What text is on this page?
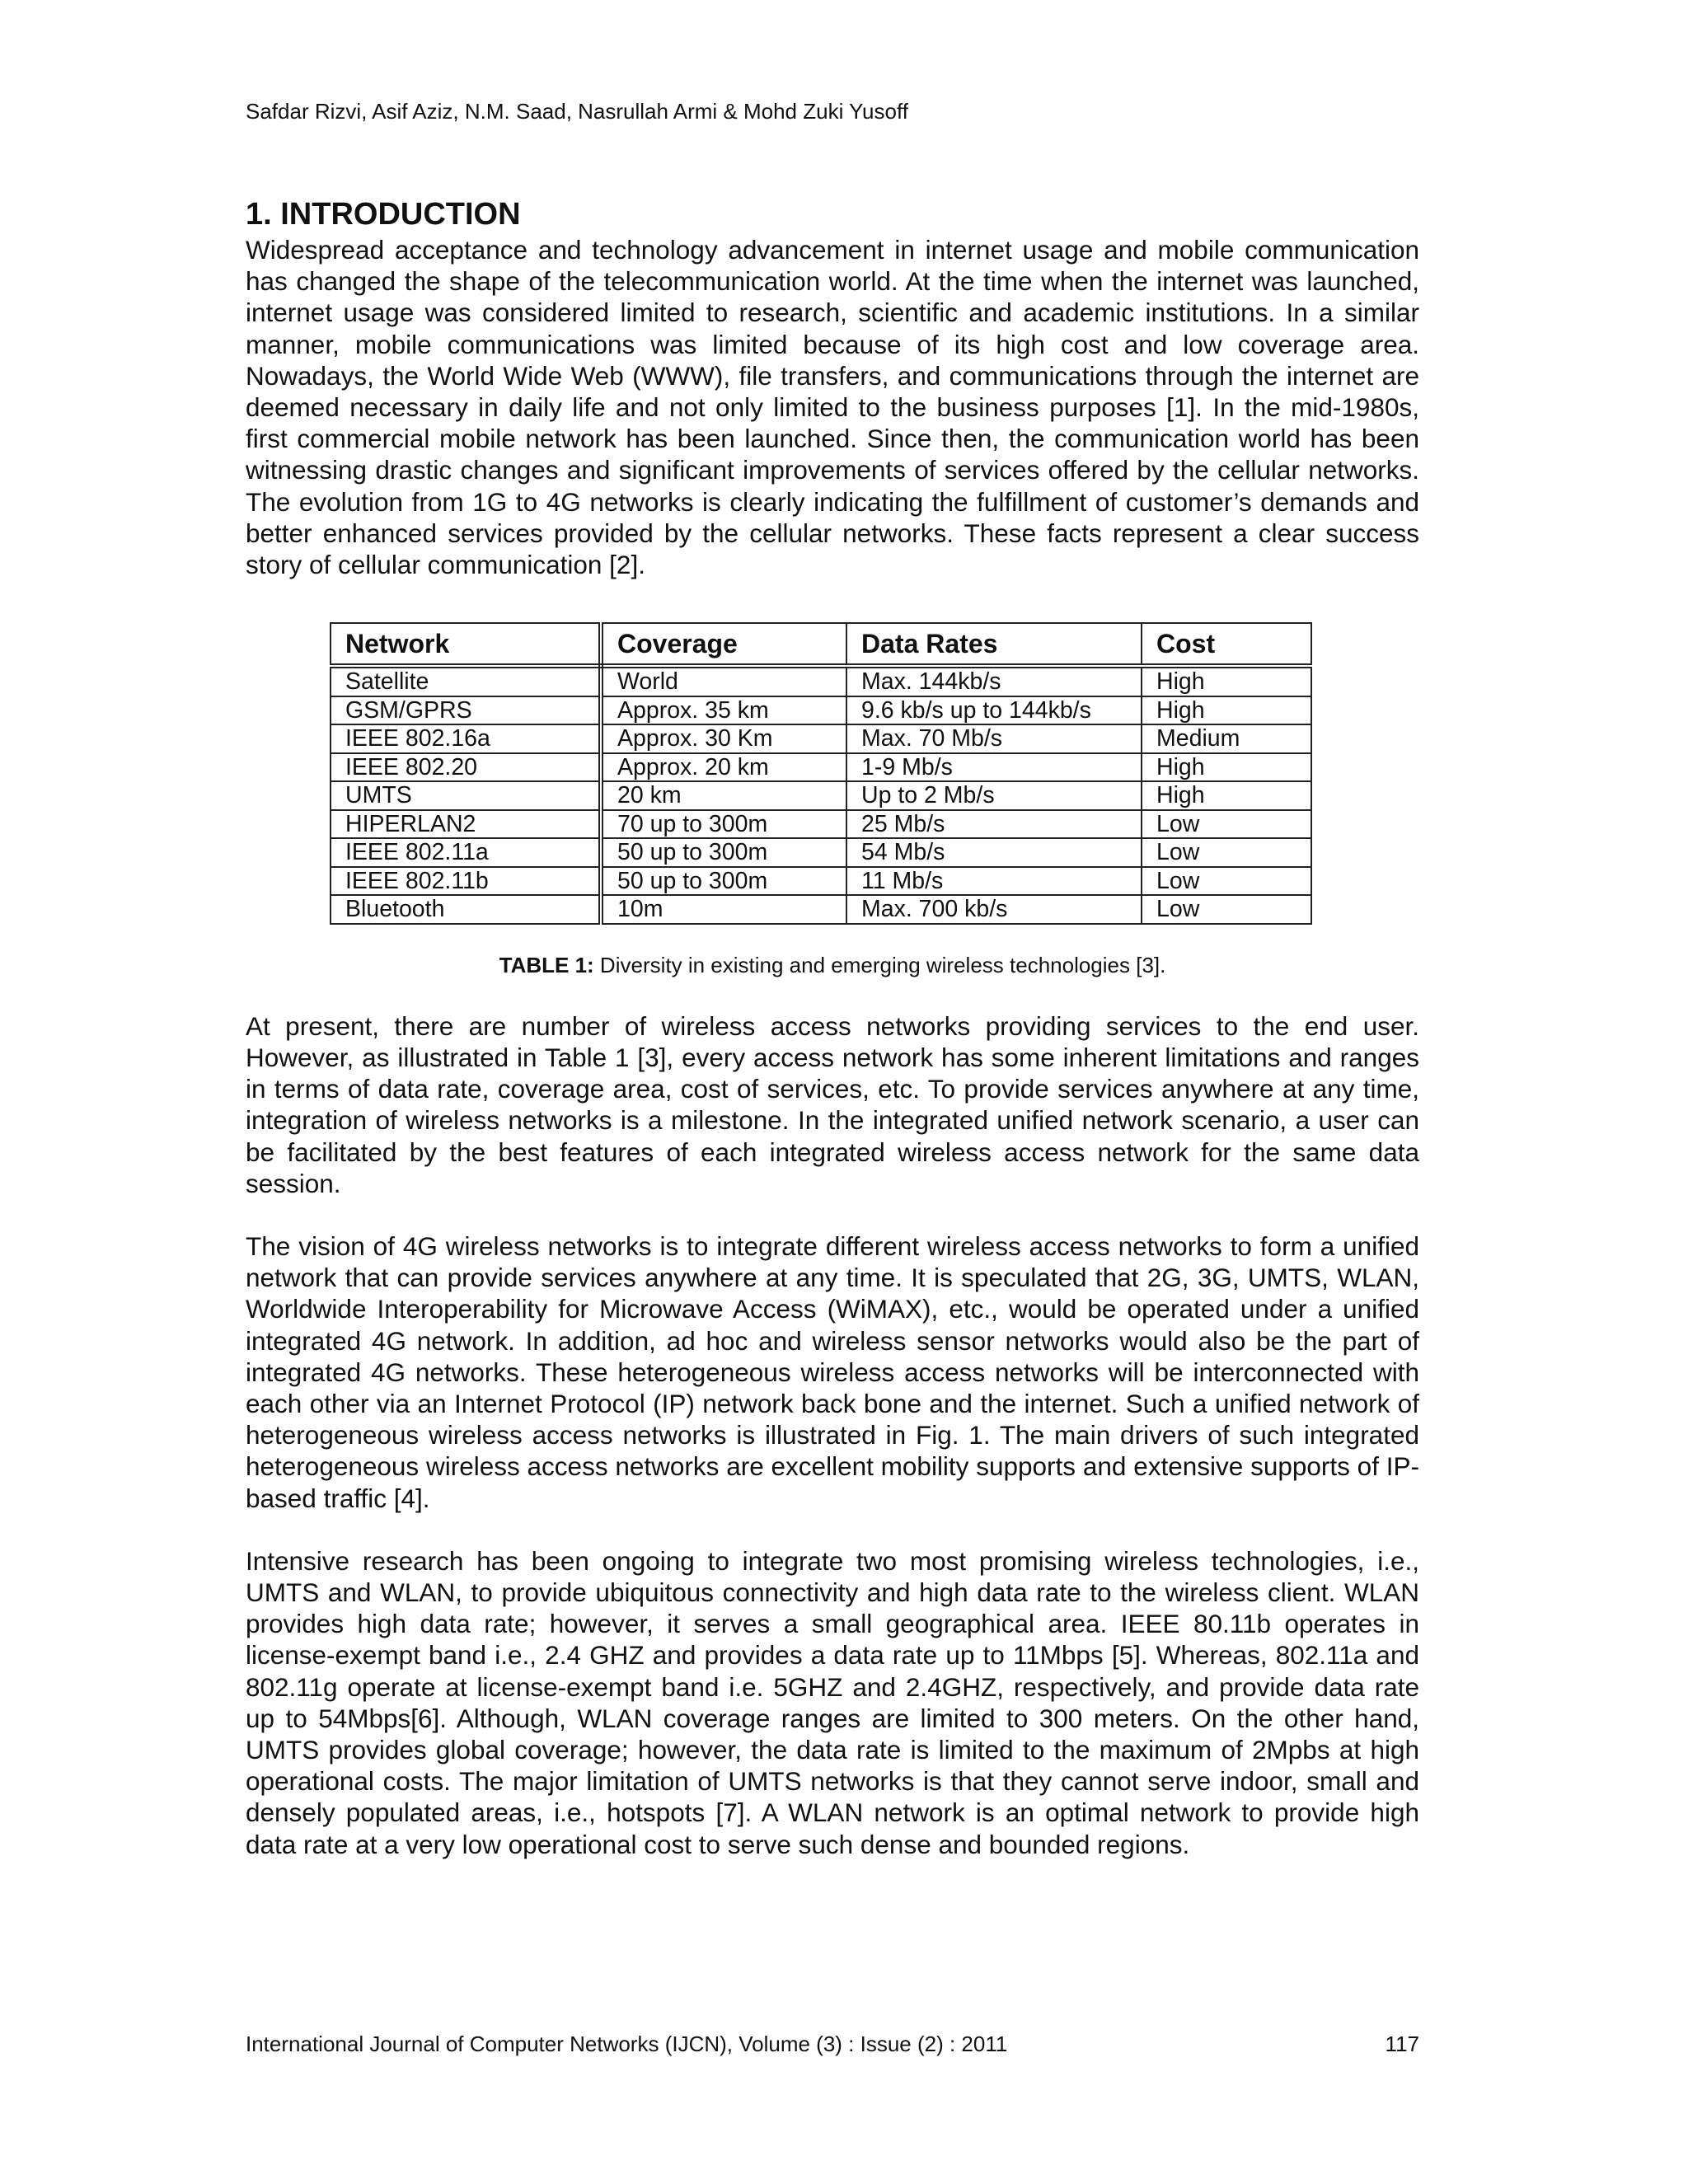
Safdar Rizvi, Asif Aziz, N.M. Saad, Nasrullah Armi & Mohd Zuki Yusoff

1. INTRODUCTION

Widespread acceptance and technology advancement in internet usage and mobile communication has changed the shape of the telecommunication world. At the time when the internet was launched, internet usage was considered limited to research, scientific and academic institutions. In a similar manner, mobile communications was limited because of its high cost and low coverage area. Nowadays, the World Wide Web (WWW), file transfers, and communications through the internet are deemed necessary in daily life and not only limited to the business purposes [1]. In the mid-1980s, first commercial mobile network has been launched. Since then, the communication world has been witnessing drastic changes and significant improvements of services offered by the cellular networks. The evolution from 1G to 4G networks is clearly indicating the fulfillment of customer’s demands and better enhanced services provided by the cellular networks. These facts represent a clear success story of cellular communication [2].

Network	Coverage	Data Rates	Cost
Satellite	World	Max. 144kb/s	High
GSM/GPRS	Approx. 35 km	9.6 kb/s up to 144kb/s	High
IEEE 802.16a	Approx. 30 Km	Max. 70 Mb/s	Medium
IEEE 802.20	Approx. 20 km	1-9 Mb/s	High
UMTS	20 km	Up to 2 Mb/s	High
HIPERLAN2	70 up to 300m	25 Mb/s	Low
IEEE 802.11a	50 up to 300m	54 Mb/s	Low
IEEE 802.11b	50 up to 300m	11 Mb/s	Low
Bluetooth	10m	Max. 700 kb/s	Low

TABLE 1: Diversity in existing and emerging wireless technologies [3].

At present, there are number of wireless access networks providing services to the end user. However, as illustrated in Table 1 [3], every access network has some inherent limitations and ranges in terms of data rate, coverage area, cost of services, etc. To provide services anywhere at any time, integration of wireless networks is a milestone. In the integrated unified network scenario, a user can be facilitated by the best features of each integrated wireless access network for the same data session.

The vision of 4G wireless networks is to integrate different wireless access networks to form a unified network that can provide services anywhere at any time. It is speculated that 2G, 3G, UMTS, WLAN, Worldwide Interoperability for Microwave Access (WiMAX), etc., would be operated under a unified integrated 4G network. In addition, ad hoc and wireless sensor networks would also be the part of integrated 4G networks. These heterogeneous wireless access networks will be interconnected with each other via an Internet Protocol (IP) network back bone and the internet. Such a unified network of heterogeneous wireless access networks is illustrated in Fig. 1. The main drivers of such integrated heterogeneous wireless access networks are excellent mobility supports and extensive supports of IP-based traffic [4].

Intensive research has been ongoing to integrate two most promising wireless technologies, i.e., UMTS and WLAN, to provide ubiquitous connectivity and high data rate to the wireless client. WLAN provides high data rate; however, it serves a small geographical area. IEEE 80.11b operates in license-exempt band i.e., 2.4 GHZ and provides a data rate up to 11Mbps [5]. Whereas, 802.11a and 802.11g operate at license-exempt band i.e. 5GHZ and 2.4GHZ, respectively, and provide data rate up to 54Mbps[6]. Although, WLAN coverage ranges are limited to 300 meters. On the other hand, UMTS provides global coverage; however, the data rate is limited to the maximum of 2Mpbs at high operational costs. The major limitation of UMTS networks is that they cannot serve indoor, small and densely populated areas, i.e., hotspots [7]. A WLAN network is an optimal network to provide high data rate at a very low operational cost to serve such dense and bounded regions.

International Journal of Computer Networks (IJCN), Volume (3) : Issue (2) : 2011	117
